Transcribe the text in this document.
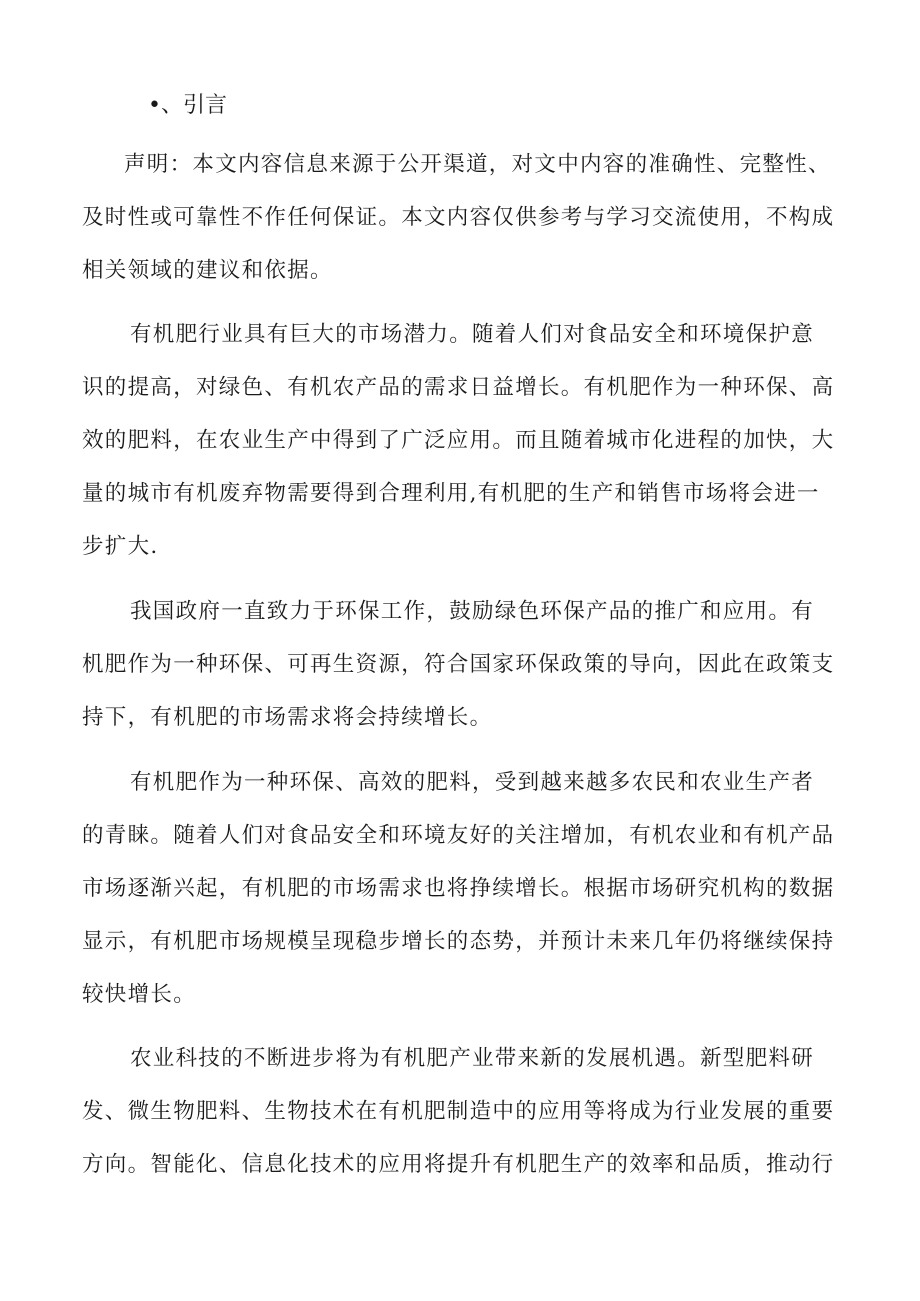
•、引言

声明：本文内容信息来源于公开渠道，对文中内容的准确性、完整性、
及时性或可靠性不作任何保证。本文内容仅供参考与学习交流使用，不构成
相关领域的建议和依据。

有机肥行业具有巨大的市场潜力。随着人们对食品安全和环境保护意
识的提高，对绿色、有机农产品的需求日益增长。有机肥作为一种环保、高
效的肥料，在农业生产中得到了广泛应用。而且随着城市化进程的加快，大
量的城市有机废弃物需要得到合理利用,有机肥的生产和销售市场将会进一
步扩大.

我国政府一直致力于环保工作，鼓励绿色环保产品的推广和应用。有
机肥作为一种环保、可再生资源，符合国家环保政策的导向，因此在政策支
持下，有机肥的市场需求将会持续增长。

有机肥作为一种环保、高效的肥料，受到越来越多农民和农业生产者
的青睐。随着人们对食品安全和环境友好的关注增加，有机农业和有机产品
市场逐渐兴起，有机肥的市场需求也将挣续增长。根据市场研究机构的数据
显示，有机肥市场规模呈现稳步增长的态势，并预计未来几年仍将继续保持
较快增长。

农业科技的不断进步将为有机肥产业带来新的发展机遇。新型肥料研
发、微生物肥料、生物技术在有机肥制造中的应用等将成为行业发展的重要
方向。智能化、信息化技术的应用将提升有机肥生产的效率和品质，推动行
